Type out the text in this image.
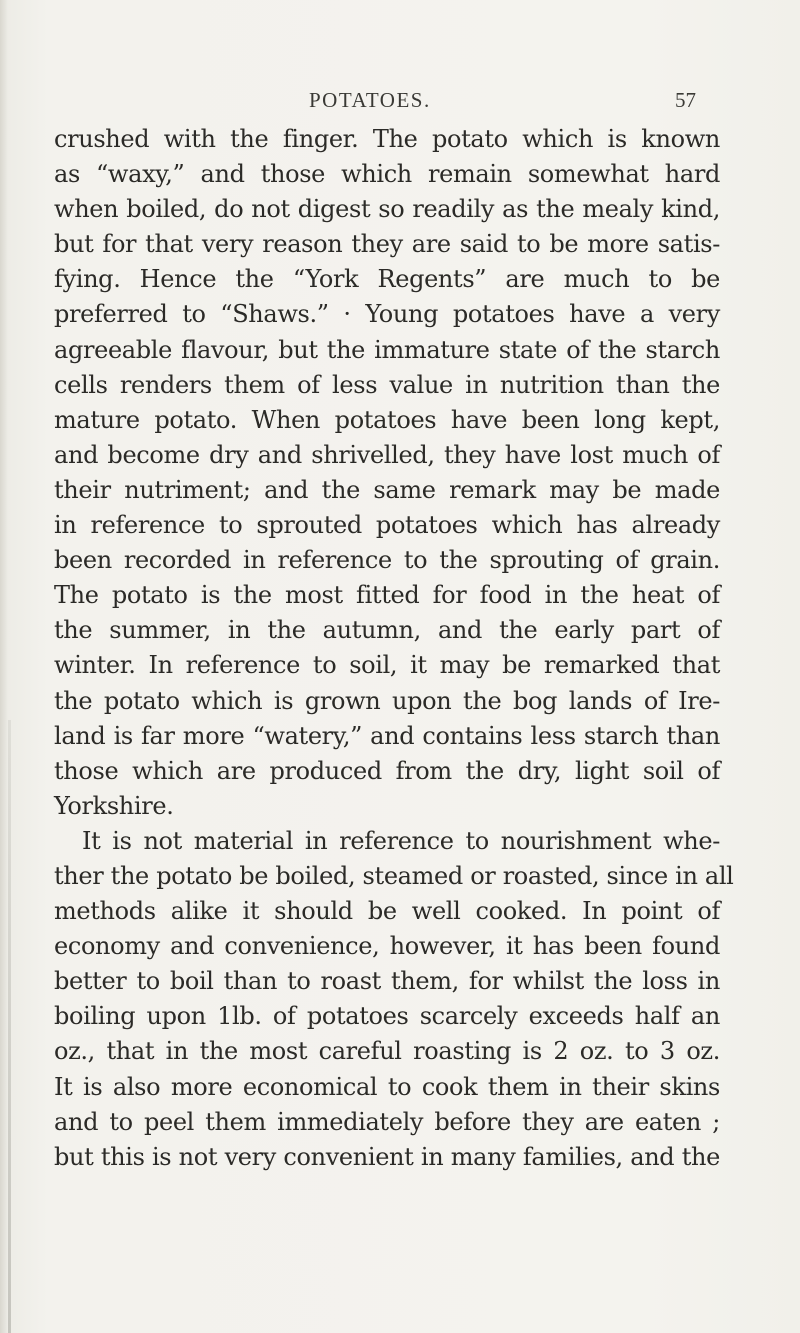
POTATOES.	57
crushed with the finger. The potato which is known
as “waxy,” and those which remain somewhat hard
when boiled, do not digest so readily as the mealy kind,
but for that very reason they are said to be more satis-
fying. Hence the “York Regents” are much to be
preferred to “Shaws.” · Young potatoes have a very
agreeable flavour, but the immature state of the starch
cells renders them of less value in nutrition than the
mature potato. When potatoes have been long kept,
and become dry and shrivelled, they have lost much of
their nutriment; and the same remark may be made
in reference to sprouted potatoes which has already
been recorded in reference to the sprouting of grain.
The potato is the most fitted for food in the heat of
the summer, in the autumn, and the early part of
winter. In reference to soil, it may be remarked that
the potato which is grown upon the bog lands of Ire-
land is far more “watery,” and contains less starch than
those which are produced from the dry, light soil of
Yorkshire.
It is not material in reference to nourishment whe-
ther the potato be boiled, steamed or roasted, since in all
methods alike it should be well cooked. In point of
economy and convenience, however, it has been found
better to boil than to roast them, for whilst the loss in
boiling upon 1lb. of potatoes scarcely exceeds half an
oz., that in the most careful roasting is 2 oz. to 3 oz.
It is also more economical to cook them in their skins
and to peel them immediately before they are eaten ;
but this is not very convenient in many families, and the
